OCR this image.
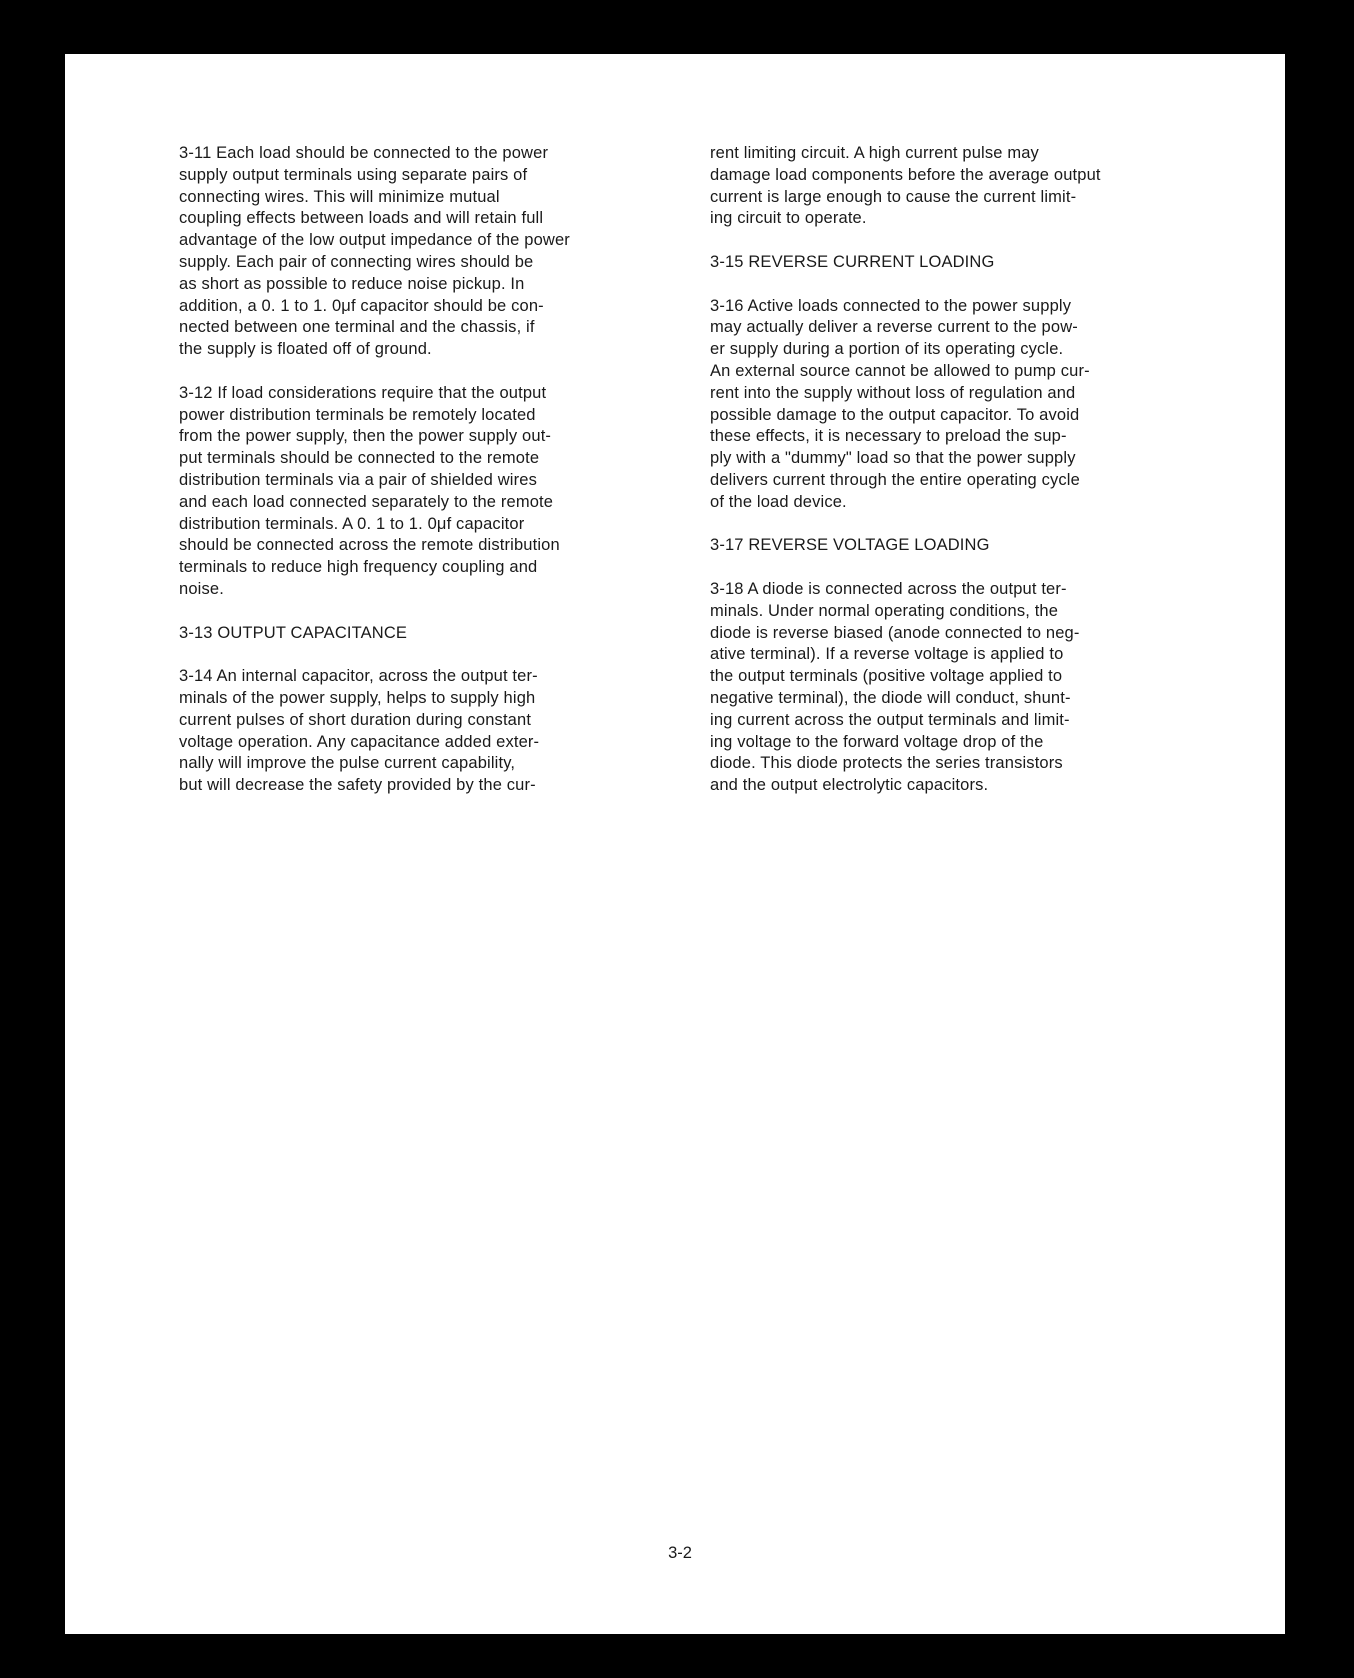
3-11 Each load should be connected to the power
supply output terminals using separate pairs of
connecting wires. This will minimize mutual
coupling effects between loads and will retain full
advantage of the low output impedance of the power
supply. Each pair of connecting wires should be
as short as possible to reduce noise pickup. In
addition, a 0. 1 to 1. 0μf capacitor should be con-
nected between one terminal and the chassis, if
the supply is floated off of ground.
3-12 If load considerations require that the output
power distribution terminals be remotely located
from the power supply, then the power supply out-
put terminals should be connected to the remote
distribution terminals via a pair of shielded wires
and each load connected separately to the remote
distribution terminals. A 0. 1 to 1. 0μf capacitor
should be connected across the remote distribution
terminals to reduce high frequency coupling and
noise.
3-13 OUTPUT CAPACITANCE
3-14 An internal capacitor, across the output ter-
minals of the power supply, helps to supply high
current pulses of short duration during constant
voltage operation. Any capacitance added exter-
nally will improve the pulse current capability,
but will decrease the safety provided by the cur-
rent limiting circuit. A high current pulse may
damage load components before the average output
current is large enough to cause the current limit-
ing circuit to operate.
3-15 REVERSE CURRENT LOADING
3-16 Active loads connected to the power supply
may actually deliver a reverse current to the pow-
er supply during a portion of its operating cycle.
An external source cannot be allowed to pump cur-
rent into the supply without loss of regulation and
possible damage to the output capacitor. To avoid
these effects, it is necessary to preload the sup-
ply with a "dummy" load so that the power supply
delivers current through the entire operating cycle
of the load device.
3-17 REVERSE VOLTAGE LOADING
3-18 A diode is connected across the output ter-
minals. Under normal operating conditions, the
diode is reverse biased (anode connected to neg-
ative terminal). If a reverse voltage is applied to
the output terminals (positive voltage applied to
negative terminal), the diode will conduct, shunt-
ing current across the output terminals and limit-
ing voltage to the forward voltage drop of the
diode. This diode protects the series transistors
and the output electrolytic capacitors.
3-2
